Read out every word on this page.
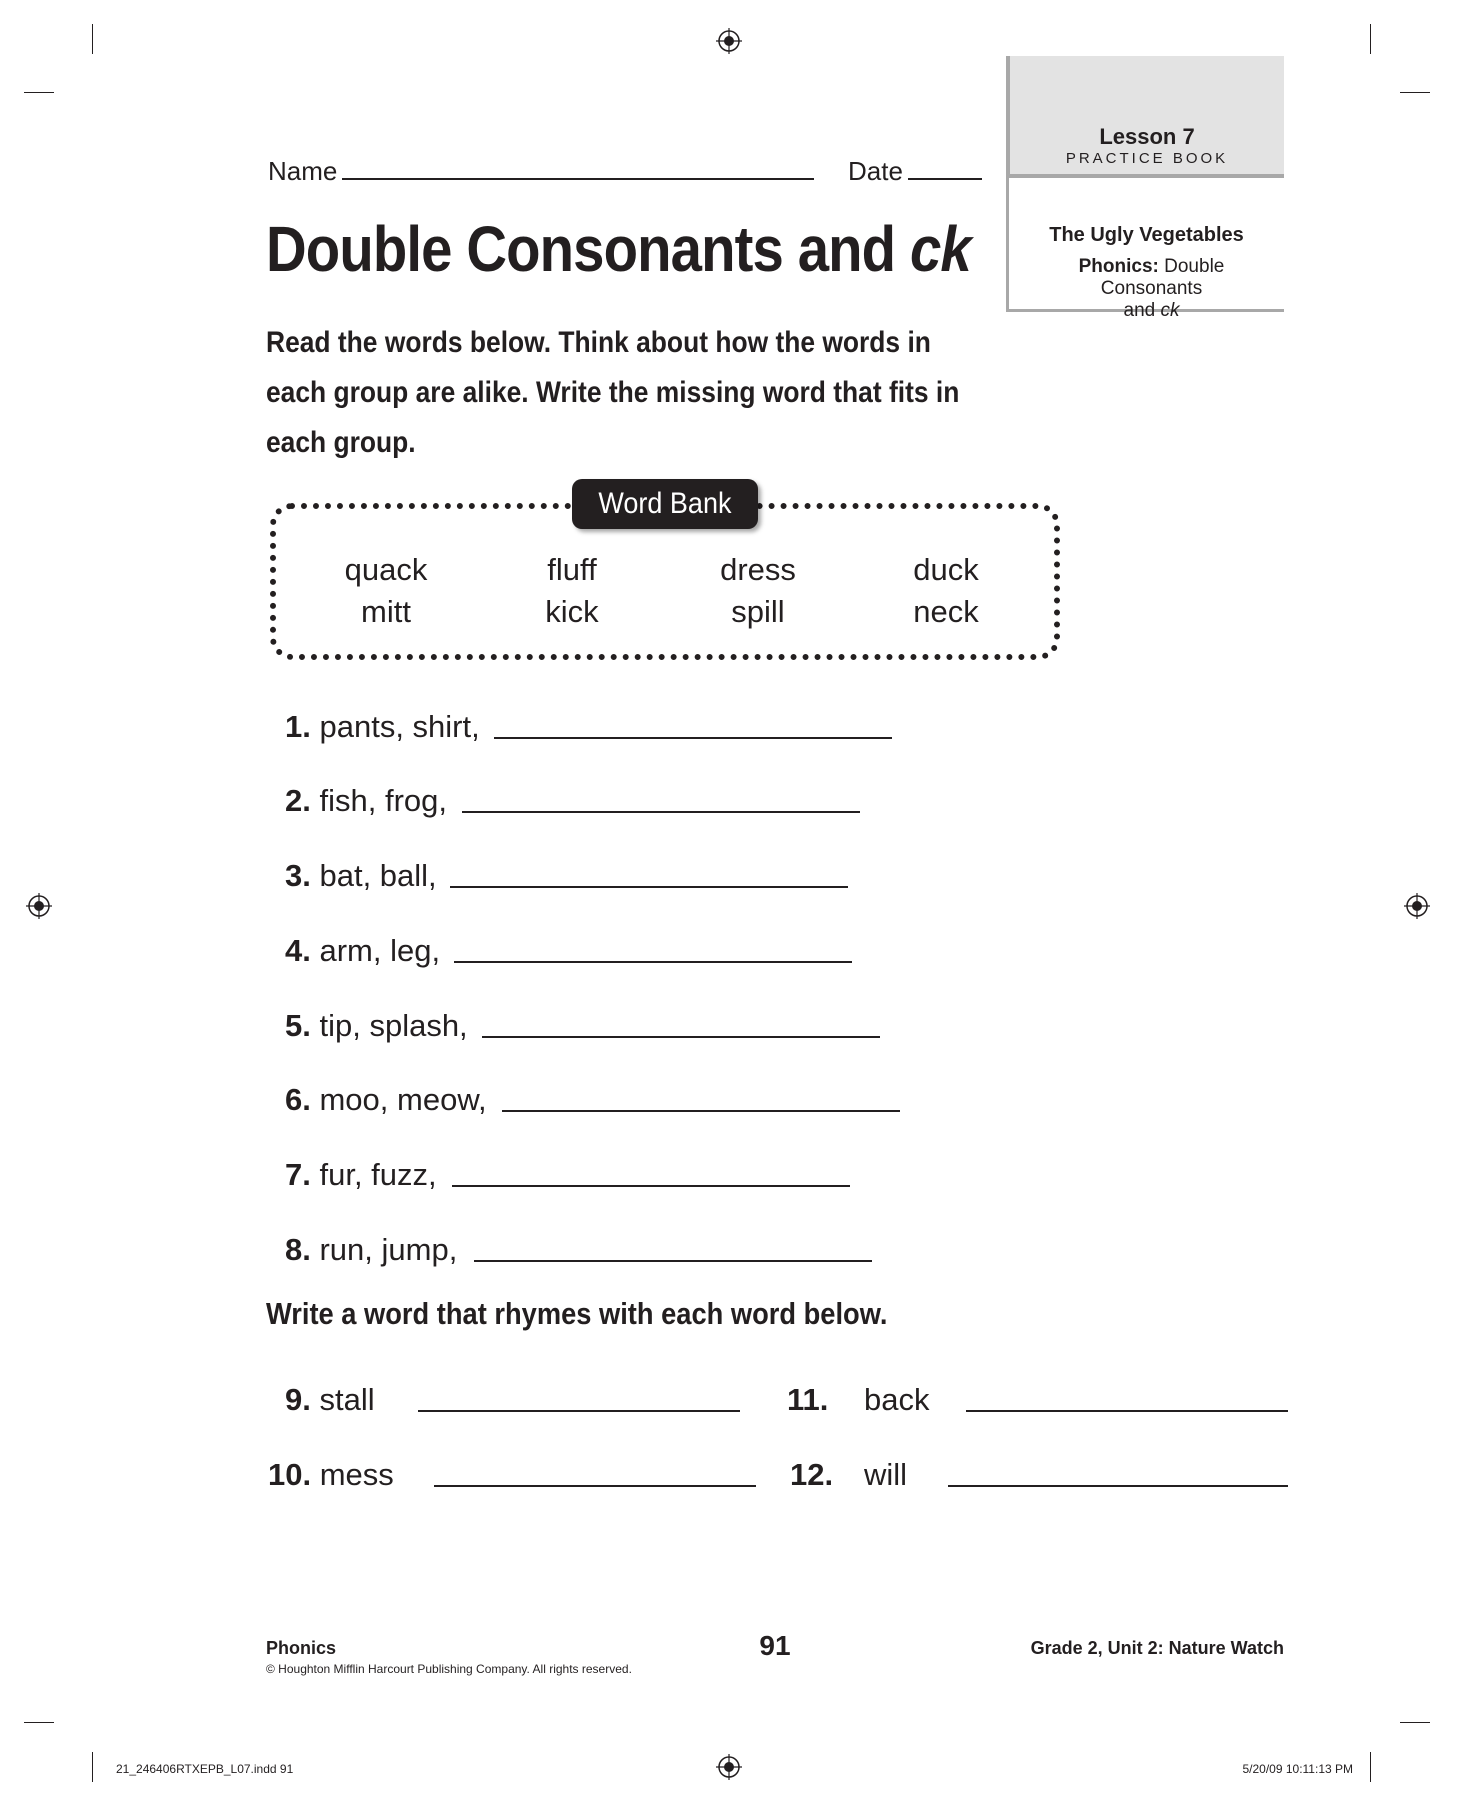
Lesson 7
PRACTICE BOOK
The Ugly Vegetables
Phonics: Double Consonants
and ck
Name	Date
Double Consonants and ck
Read the words below. Think about how the words in each group are alike. Write the missing word that fits in each group.
Word Bank
quack	fluff	dress	duck
mitt	kick	spill	neck
1. pants, shirt,
2. fish, frog,
3. bat, ball,
4. arm, leg,
5. tip, splash,
6. moo, meow,
7. fur, fuzz,
8. run, jump,
Write a word that rhymes with each word below.
9. stall
10. mess
11. back
12. will
Phonics
© Houghton Mifflin Harcourt Publishing Company. All rights reserved.
91	Grade 2, Unit 2: Nature Watch
21_246406RTXEPB_L07.indd 91	5/20/09 10:11:13 PM
